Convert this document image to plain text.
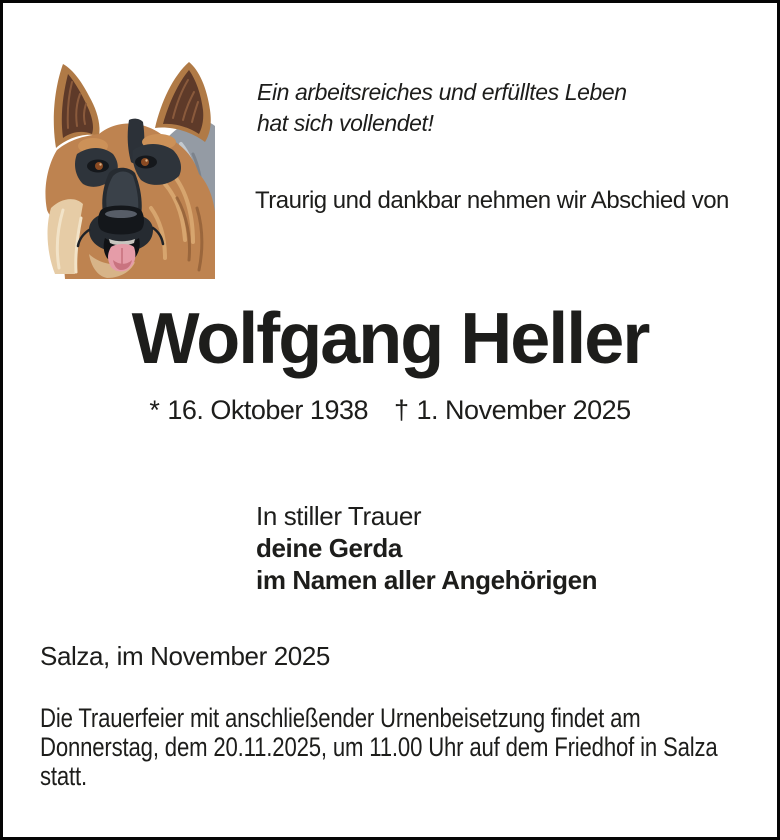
Ein arbeitsreiches und erfülltes Leben
hat sich vollendet!
Traurig und dankbar nehmen wir Abschied von
Wolfgang Heller
* 16. Oktober 1938 † 1. November 2025
In stiller Trauer
deine Gerda
im Namen aller Angehörigen
Salza, im November 2025
Die Trauerfeier mit anschließender Urnenbeisetzung findet am
Donnerstag, dem 20.11.2025, um 11.00 Uhr auf dem Friedhof in Salza
statt.
